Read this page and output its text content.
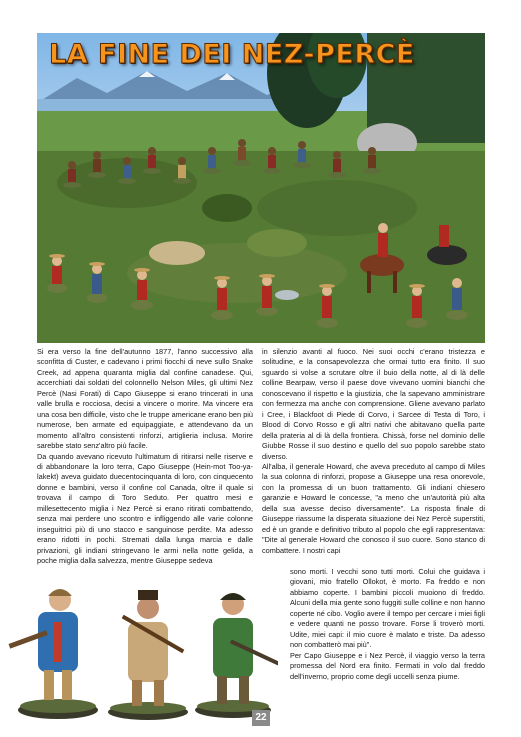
LA FINE DEI NEZ-PERCÈ

Si era verso la fine dell'autunno 1877, l'anno successivo alla sconfitta di Custer, e cadevano i primi fiocchi di neve sullo Snake Creek, ad appena quaranta miglia dal confine canadese. Qui, accerchiati dai soldati del colonnello Nelson Miles, gli ultimi Nez Percè (Nasi Forati) di Capo Giuseppe si erano trincerati in una valle brulla e rocciosa, decisi a vincere o morire. Ma vincere era una cosa ben difficile, visto che le truppe americane erano ben più numerose, ben armate ed equipaggiate, e attendevano da un momento all'altro consistenti rinforzi, artiglieria inclusa. Morire sarebbe stato senz'altro più facile.

Da quando avevano ricevuto l'ultimatum di ritirarsi nelle riserve e di abbandonare la loro terra, Capo Giuseppe (Hein-mot Too-ya-lakekt) aveva guidato duecentocinquanta di loro, con cinquecento donne e bambini, verso il confine col Canada, oltre il quale si trovava il campo di Toro Seduto. Per quattro mesi e millesettecento miglia i Nez Percè si erano ritirati combattendo, senza mai perdere uno scontro e infliggendo alle varie colonne inseguitrici più di uno stacco e sanguinose perdite. Ma adesso erano ridotti in pochi. Stremati dalla lunga marcia e dalle privazioni, gli indiani stringevano le armi nella notte gelida, a poche miglia dalla salvezza, mentre Giuseppe sedeva

in silenzio avanti al fuoco. Nei suoi occhi c'erano tristezza e solitudine, e la consapevolezza che ormai tutto era finito. Il suo sguardo si volse a scrutare oltre il buio della notte, al di là delle colline Bearpaw, verso il paese dove vivevano uomini bianchi che conoscevano il rispetto e la giustizia, che la sapevano amministrare con fermezza ma anche con comprensione. Gliene avevano parlato i Cree, i Blackfoot di Piede di Corvo, i Sarcee di Testa di Toro, i Blood di Corvo Rosso e gli altri nativi che abitavano quella parte della prateria al di là della frontiera. Chissà, forse nel dominio delle Giubbe Rosse il suo destino e quello del suo popolo sarebbe stato diverso.

All'alba, il generale Howard, che aveva preceduto al campo di Miles la sua colonna di rinforzi, propose a Giuseppe una resa onorevole, con la promessa di un buon trattamento. Gli indiani chiesero garanzie e Howard le concesse, "a meno che un'autorità più alta della sua avesse deciso diversamente". La risposta finale di Giuseppe riassume la disperata situazione dei Nez Percè superstiti, ed è un grande e definitivo tributo al popolo che egli rappresentava: "Dite al generale Howard che conosco il suo cuore. Sono stanco di combattere. I nostri capi

sono morti. I vecchi sono tutti morti. Colui che guidava i giovani, mio fratello Ollokot, è morto. Fa freddo e non abbiamo coperte. I bambini piccoli muoiono di freddo. Alcuni della mia gente sono fuggiti sulle colline e non hanno coperte né cibo. Voglio avere il tempo per cercare i miei figli e vedere quanti ne posso trovare. Forse li troverò morti. Udite, miei capi: il mio cuore è malato e triste. Da adesso non combatterò mai più".

Per Capo Giuseppe e i Nez Percè, il viaggio verso la terra promessa del Nord era finito. Fermati in volo dal freddo dell'inverno, proprio come degli uccelli senza piume.

22
